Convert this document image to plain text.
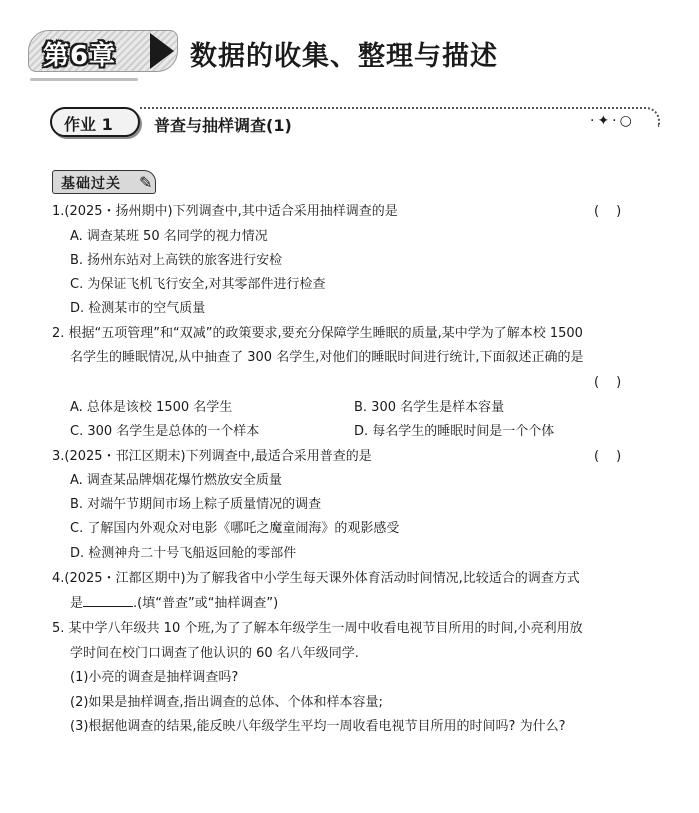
第6章	数据的收集、整理与描述
作业 1	普查与抽样调查(1)	·✦·○
基础过关 ✎
1.(2025・扬州期中)下列调查中,其中适合采用抽样调查的是	(　)
A. 调查某班 50 名同学的视力情况
B. 扬州东站对上高铁的旅客进行安检
C. 为保证飞机飞行安全,对其零部件进行检查
D. 检测某市的空气质量
2. 根据“五项管理”和“双减”的政策要求,要充分保障学生睡眠的质量,某中学为了解本校 1500
名学生的睡眠情况,从中抽查了 300 名学生,对他们的睡眠时间进行统计,下面叙述正确的是
(　)
A. 总体是该校 1500 名学生	B. 300 名学生是样本容量
C. 300 名学生是总体的一个样本	D. 每名学生的睡眠时间是一个个体
3.(2025・邗江区期末)下列调查中,最适合采用普查的是	(　)
A. 调查某品牌烟花爆竹燃放安全质量
B. 对端午节期间市场上粽子质量情况的调查
C. 了解国内外观众对电影《哪吒之魔童闹海》的观影感受
D. 检测神舟二十号飞船返回舱的零部件
4.(2025・江都区期中)为了解我省中小学生每天课外体育活动时间情况,比较适合的调查方式
是	.(填“普查”或“抽样调查”)
5. 某中学八年级共 10 个班,为了了解本年级学生一周中收看电视节目所用的时间,小亮利用放
学时间在校门口调查了他认识的 60 名八年级同学.
(1)小亮的调查是抽样调查吗?
(2)如果是抽样调查,指出调查的总体、个体和样本容量;
(3)根据他调查的结果,能反映八年级学生平均一周收看电视节目所用的时间吗? 为什么?
